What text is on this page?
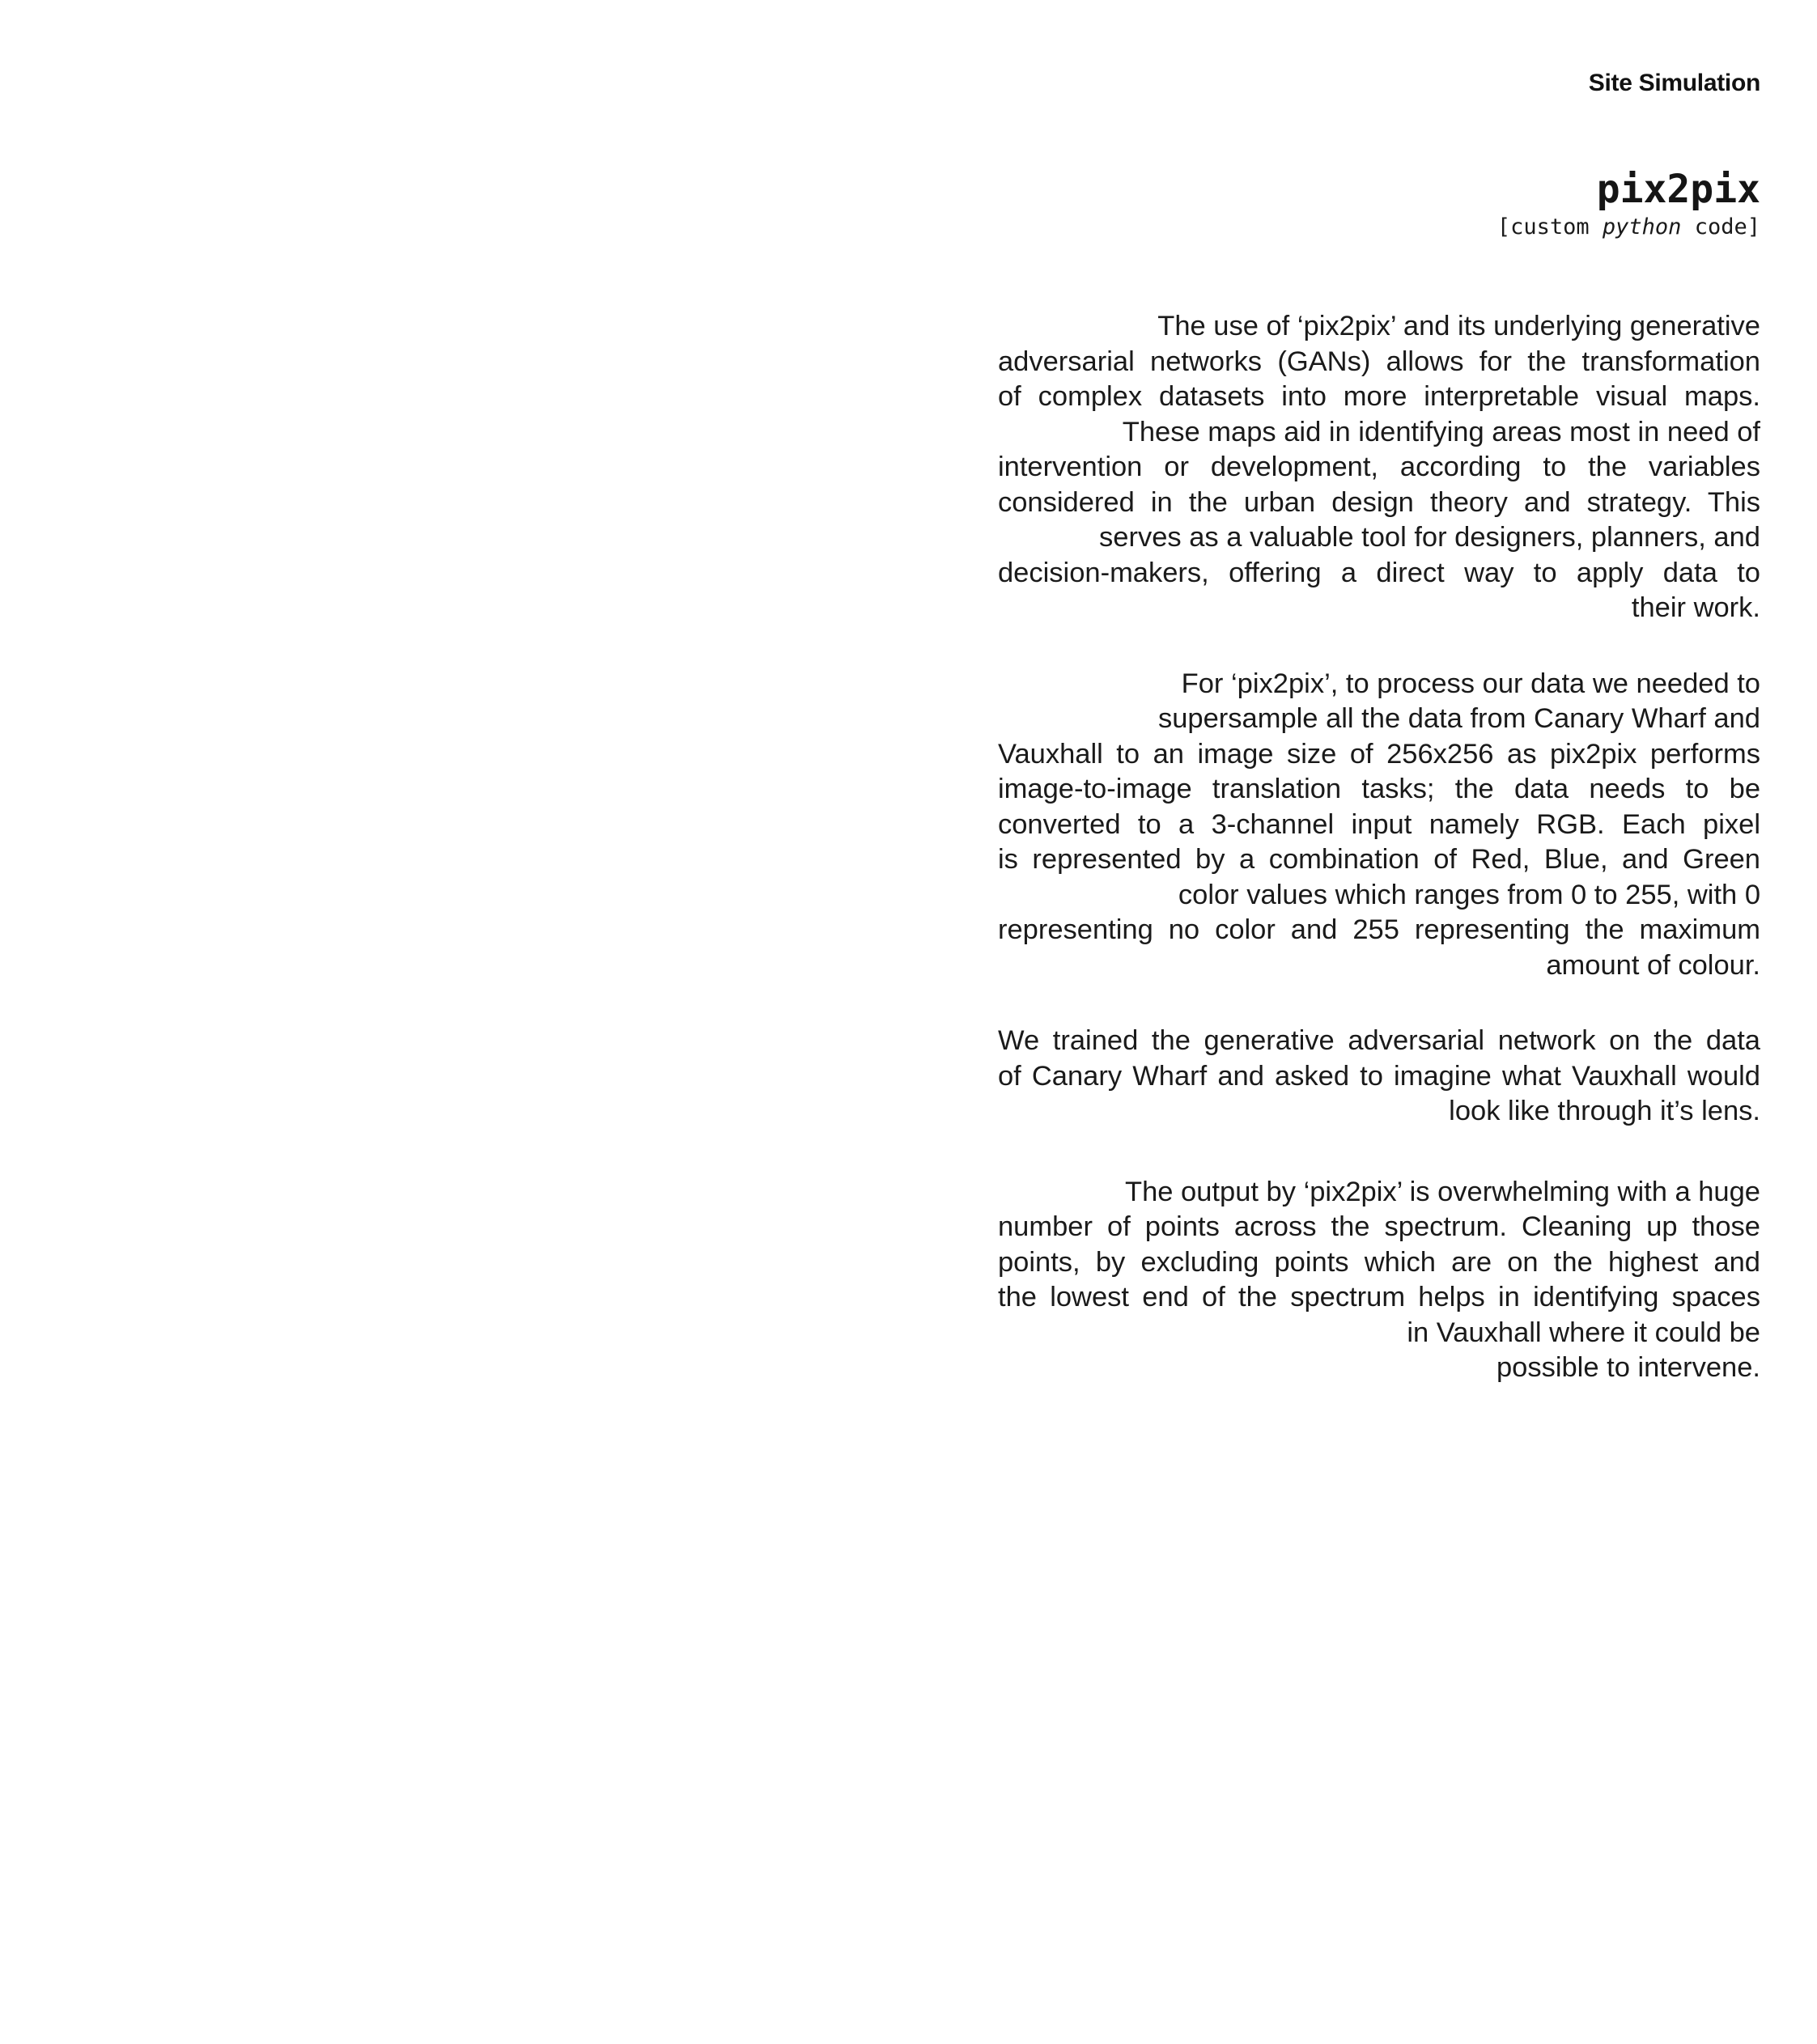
Site Simulation

pix2pix

[custom python code]

The use of ‘pix2pix’ and its underlying generative
adversarial networks (GANs) allows for the transformation
of complex datasets into more interpretable visual maps.
These maps aid in identifying areas most in need of
intervention or development, according to the variables
considered in the urban design theory and strategy. This
serves as a valuable tool for designers, planners, and
decision-makers, offering a direct way to apply data to
their work.

For ‘pix2pix’, to process our data we needed to
supersample all the data from Canary Wharf and
Vauxhall to an image size of 256x256 as pix2pix performs
image-to-image translation tasks; the data needs to be
converted to a 3-channel input namely RGB. Each pixel
is represented by a combination of Red, Blue, and Green
color values which ranges from 0 to 255, with 0
representing no color and 255 representing the maximum
amount of colour.

We trained the generative adversarial network on the data
of Canary Wharf and asked to imagine what Vauxhall would
look like through it’s lens.

The output by ‘pix2pix’ is overwhelming with a huge
number of points across the spectrum. Cleaning up those
points, by excluding points which are on the highest and
the lowest end of the spectrum helps in identifying spaces
in Vauxhall where it could be
possible to intervene.
